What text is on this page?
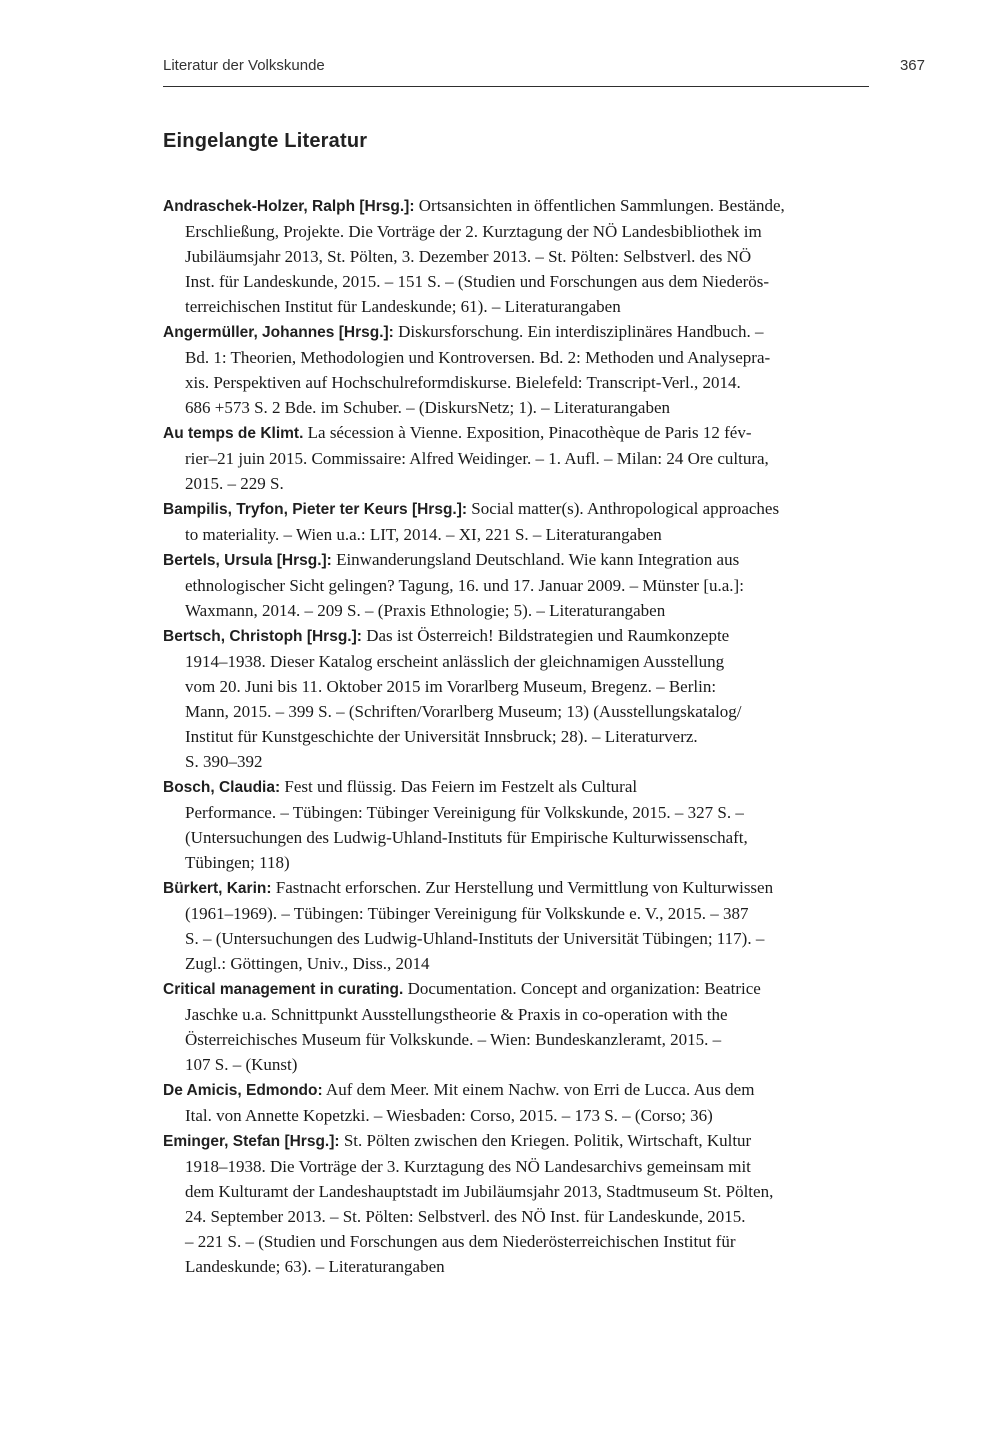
Literatur der Volkskunde	367
Eingelangte Literatur
Andraschek-Holzer, Ralph [Hrsg.]: Ortsansichten in öffentlichen Sammlungen. Bestände,
Erschließung, Projekte. Die Vorträge der 2. Kurztagung der NÖ Landesbibliothek im
Jubiläumsjahr 2013, St. Pölten, 3. Dezember 2013. – St. Pölten: Selbstverl. des NÖ
Inst. für Landeskunde, 2015. – 151 S. – (Studien und Forschungen aus dem Niederös-
terreichischen Institut für Landeskunde; 61). – Literaturangaben
Angermüller, Johannes [Hrsg.]: Diskursforschung. Ein interdisziplinäres Handbuch. –
Bd. 1: Theorien, Methodologien und Kontroversen. Bd. 2: Methoden und Analysepra-
xis. Perspektiven auf Hochschulreformdiskurse. Bielefeld: Transcript-Verl., 2014.
686 +573 S. 2 Bde. im Schuber. – (DiskursNetz; 1). – Literaturangaben
Au temps de Klimt. La sécession à Vienne. Exposition, Pinacothèque de Paris 12 fév-
rier–21 juin 2015. Commissaire: Alfred Weidinger. – 1. Aufl. – Milan: 24 Ore cultura,
2015. – 229 S.
Bampilis, Tryfon, Pieter ter Keurs [Hrsg.]: Social matter(s). Anthropological approaches
to materiality. – Wien u.a.: LIT, 2014. – XI, 221 S. – Literaturangaben
Bertels, Ursula [Hrsg.]: Einwanderungsland Deutschland. Wie kann Integration aus
ethnologischer Sicht gelingen? Tagung, 16. und 17. Januar 2009. – Münster [u.a.]:
Waxmann, 2014. – 209 S. – (Praxis Ethnologie; 5). – Literaturangaben
Bertsch, Christoph [Hrsg.]: Das ist Österreich! Bildstrategien und Raumkonzepte
1914–1938. Dieser Katalog erscheint anlässlich der gleichnamigen Ausstellung
vom 20. Juni bis 11. Oktober 2015 im Vorarlberg Museum, Bregenz. – Berlin:
Mann, 2015. – 399 S. – (Schriften/Vorarlberg Museum; 13) (Ausstellungskatalog/
Institut für Kunstgeschichte der Universität Innsbruck; 28). – Literaturverz.
S. 390–392
Bosch, Claudia: Fest und flüssig. Das Feiern im Festzelt als Cultural
Performance. – Tübingen: Tübinger Vereinigung für Volkskunde, 2015. – 327 S. –
(Untersuchungen des Ludwig-Uhland-Instituts für Empirische Kulturwissenschaft,
Tübingen; 118)
Bürkert, Karin: Fastnacht erforschen. Zur Herstellung und Vermittlung von Kulturwissen
(1961–1969). – Tübingen: Tübinger Vereinigung für Volkskunde e. V., 2015. – 387
S. – (Untersuchungen des Ludwig-Uhland-Instituts der Universität Tübingen; 117). –
Zugl.: Göttingen, Univ., Diss., 2014
Critical management in curating. Documentation. Concept and organization: Beatrice
Jaschke u.a. Schnittpunkt Ausstellungstheorie & Praxis in co-operation with the
Österreichisches Museum für Volkskunde. – Wien: Bundeskanzleramt, 2015. –
107 S. – (Kunst)
De Amicis, Edmondo: Auf dem Meer. Mit einem Nachw. von Erri de Lucca. Aus dem
Ital. von Annette Kopetzki. – Wiesbaden: Corso, 2015. – 173 S. – (Corso; 36)
Eminger, Stefan [Hrsg.]: St. Pölten zwischen den Kriegen. Politik, Wirtschaft, Kultur
1918–1938. Die Vorträge der 3. Kurztagung des NÖ Landesarchivs gemeinsam mit
dem Kulturamt der Landeshauptstadt im Jubiläumsjahr 2013, Stadtmuseum St. Pölten,
24. September 2013. – St. Pölten: Selbstverl. des NÖ Inst. für Landeskunde, 2015.
– 221 S. – (Studien und Forschungen aus dem Niederösterreichischen Institut für
Landeskunde; 63). – Literaturangaben
